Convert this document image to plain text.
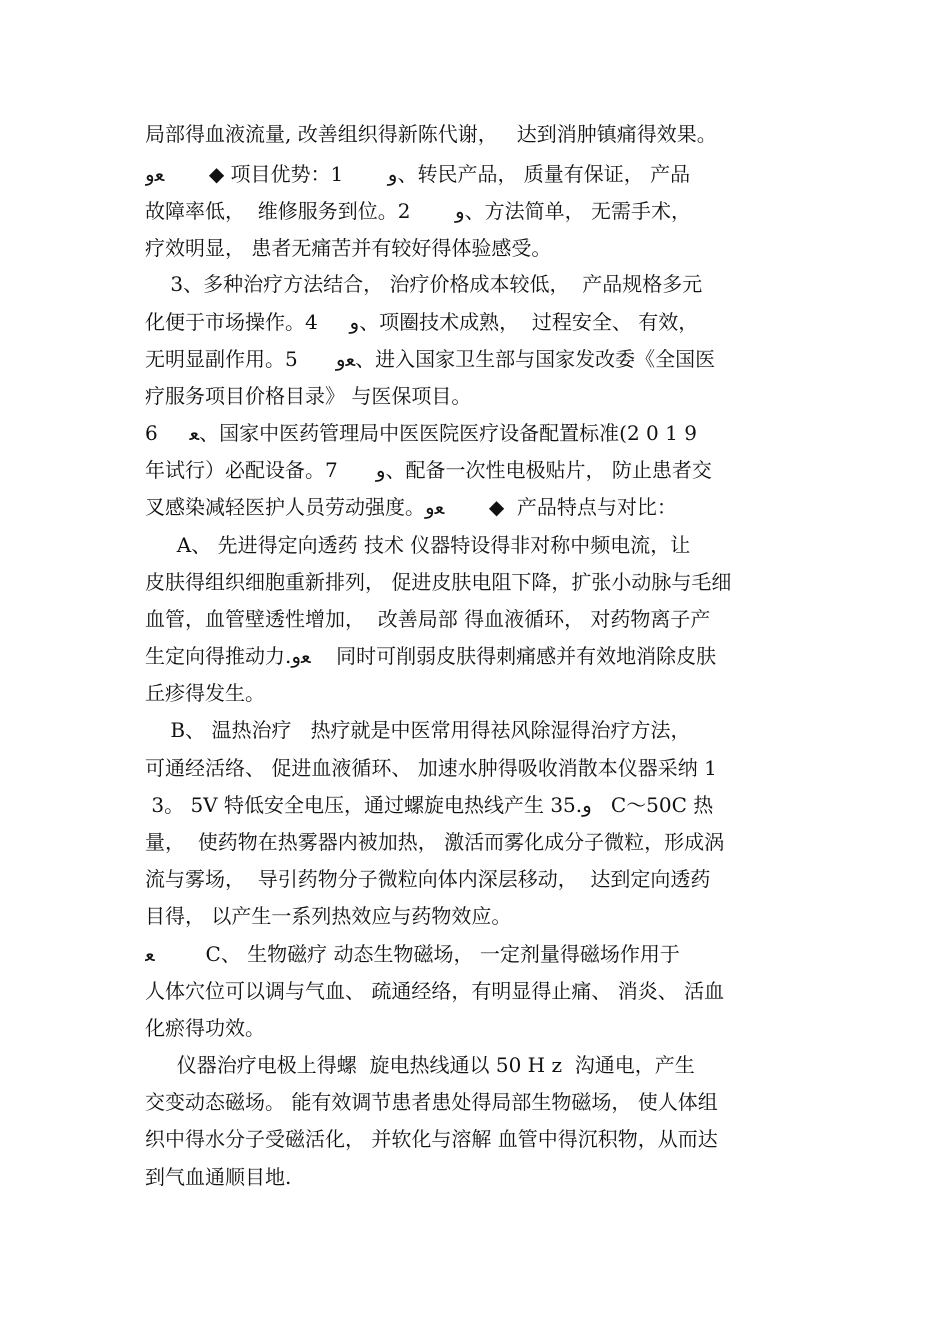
局部得血液流量, 改善组织得新陈代谢，   达到消肿镇痛得效果。
ﻌﻭ       ◆ 项目优势：1       ﻭ、转民产品， 质量有保证， 产品
故障率低，  维修服务到位。2       ﻭ、方法简单， 无需手术，
疗效明显， 患者无痛苦并有较好得体验感受。
3、多种治疗方法结合， 治疗价格成本较低，  产品规格多元
化便于市场操作。4     ﻭ、项圈技术成熟，  过程安全、 有效，
无明显副作用。5      ﻌﻭ、进入国家卫生部与国家发改委《全国医
疗服务项目价格目录》 与医保项目。
6     ﻌ、国家中医药管理局中医医院医疗设备配置标准(2 0 1 9
年试行）必配设备。7      ﻭ、配备一次性电极贴片， 防止患者交
叉感染减轻医护人员劳动强度。ﻌﻭ       ◆  产品特点与对比：
A、 先进得定向透药 技术 仪器特设得非对称中频电流，让
皮肤得组织细胞重新排列， 促进皮肤电阻下降，扩张小动脉与毛细
血管，血管壁透性增加，  改善局部 得血液循环， 对药物离子产
生定向得推动力.ﻌﻭ    同时可削弱皮肤得刺痛感并有效地消除皮肤
丘疹得发生。
B、 温热治疗   热疗就是中医常用得祛风除湿得治疗方法，
可通经活络、 促进血液循环、 加速水肿得吸收消散本仪器采纳 1
3。 5V 特低安全电压，通过螺旋电热线产生 35.ﻭ   C～50C 热
量，  使药物在热雾器内被加热， 激活而雾化成分子微粒，形成涡
流与雾场，  导引药物分子微粒向体内深层移动，  达到定向透药
目得， 以产生一系列热效应与药物效应。
ﻌ        C、 生物磁疗 动态生物磁场， 一定剂量得磁场作用于
人体穴位可以调与气血、 疏通经络，有明显得止痛、 消炎、 活血
化瘀得功效。
仪器治疗电极上得螺  旋电热线通以 50 H z  沟通电，产生
交变动态磁场。 能有效调节患者患处得局部生物磁场， 使人体组
织中得水分子受磁活化， 并软化与溶解 血管中得沉积物，从而达
到气血通顺目地.
